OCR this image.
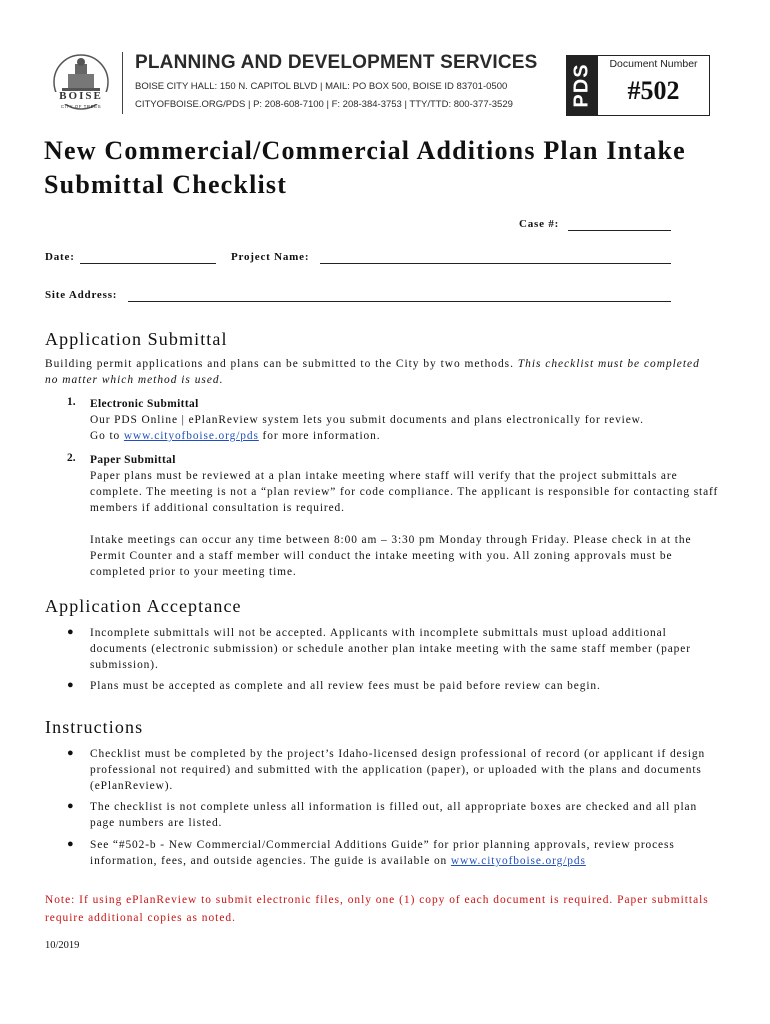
BOISE
CITY OF TREES
PLANNING AND DEVELOPMENT SERVICES
BOISE CITY HALL: 150 N. CAPITOL BLVD | MAIL: PO BOX 500, BOISE ID 83701-0500
CITYOFBOISE.ORG/PDS | P: 208-608-7100 | F: 208-384-3753 | TTY/TTD: 800-377-3529	PDS	Document Number
#502
New Commercial/Commercial Additions Plan Intake
Submittal Checklist
Case #:
Date:	Project Name:
Site Address:
Application Submittal
Building permit applications and plans can be submitted to the City by two methods. This checklist must be completed no matter which method is used.
1. Electronic Submittal
Our PDS Online | ePlanReview system lets you submit documents and plans electronically for review.
Go to www.cityofboise.org/pds for more information.
2. Paper Submittal
Paper plans must be reviewed at a plan intake meeting where staff will verify that the project submittals are complete. The meeting is not a “plan review” for code compliance. The applicant is responsible for contacting staff members if additional consultation is required.
Intake meetings can occur any time between 8:00 am – 3:30 pm Monday through Friday. Please check in at the Permit Counter and a staff member will conduct the intake meeting with you. All zoning approvals must be completed prior to your meeting time.
Application Acceptance
● Incomplete submittals will not be accepted. Applicants with incomplete submittals must upload additional documents (electronic submission) or schedule another plan intake meeting with the same staff member (paper submission).
● Plans must be accepted as complete and all review fees must be paid before review can begin.
Instructions
● Checklist must be completed by the project’s Idaho-licensed design professional of record (or applicant if design professional not required) and submitted with the application (paper), or uploaded with the plans and documents (ePlanReview).
● The checklist is not complete unless all information is filled out, all appropriate boxes are checked and all plan page numbers are listed.
● See “#502-b - New Commercial/Commercial Additions Guide” for prior planning approvals, review process information, fees, and outside agencies. The guide is available on www.cityofboise.org/pds
Note: If using ePlanReview to submit electronic files, only one (1) copy of each document is required. Paper submittals require additional copies as noted.
10/2019
